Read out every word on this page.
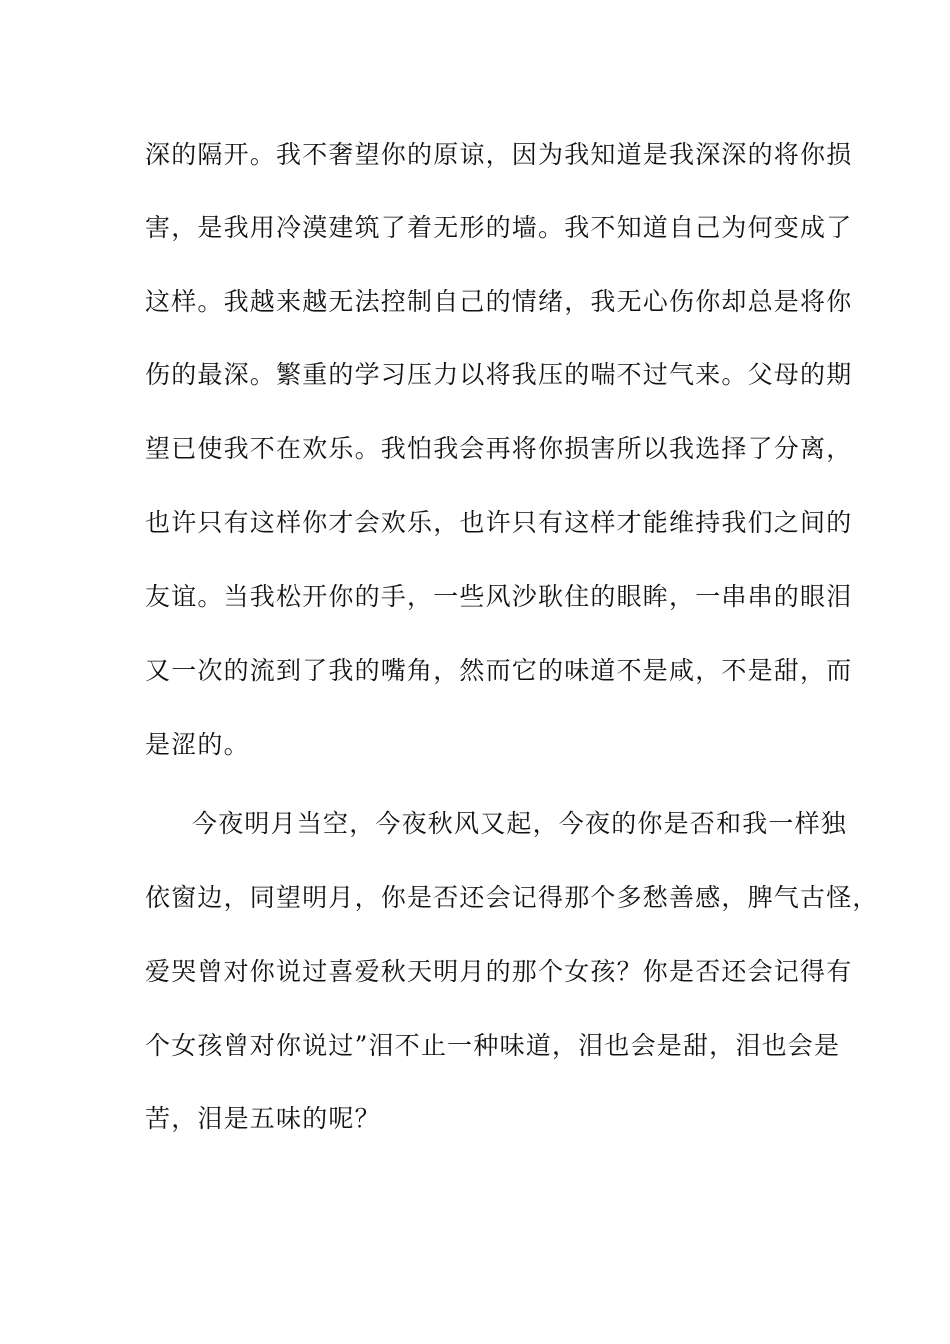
深的隔开。我不奢望你的原谅，因为我知道是我深深的将你损
害，是我用冷漠建筑了着无形的墙。我不知道自己为何变成了
这样。我越来越无法控制自己的情绪，我无心伤你却总是将你
伤的最深。繁重的学习压力以将我压的喘不过气来。父母的期
望已使我不在欢乐。我怕我会再将你损害所以我选择了分离，
也许只有这样你才会欢乐，也许只有这样才能维持我们之间的
友谊。当我松开你的手，一些风沙耿住的眼眸，一串串的眼泪
又一次的流到了我的嘴角，然而它的味道不是咸，不是甜，而
是涩的。
今夜明月当空，今夜秋风又起，今夜的你是否和我一样独
依窗边，同望明月，你是否还会记得那个多愁善感，脾气古怪，
爱哭曾对你说过喜爱秋天明月的那个女孩？你是否还会记得有
个女孩曾对你说过”泪不止一种味道，泪也会是甜，泪也会是
苦，泪是五味的呢？
